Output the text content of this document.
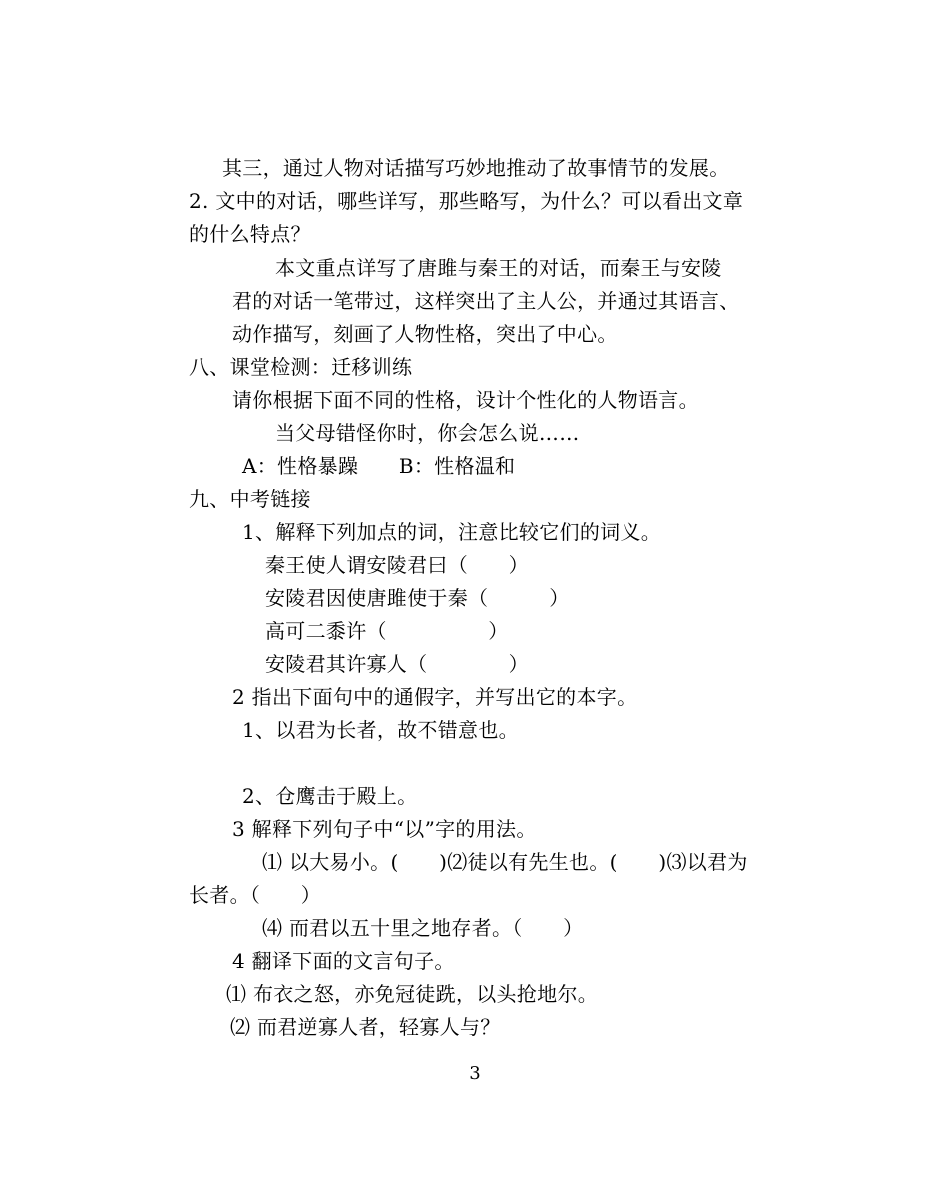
其三，通过人物对话描写巧妙地推动了故事情节的发展。
2. 文中的对话，哪些详写，那些略写，为什么？可以看出文章
的什么特点？
本文重点详写了唐雎与秦王的对话，而秦王与安陵
君的对话一笔带过，这样突出了主人公，并通过其语言、
动作描写，刻画了人物性格，突出了中心。
八、课堂检测：迁移训练
请你根据下面不同的性格，设计个性化的人物语言。
当父母错怪你时，你会怎么说……
A：性格暴躁　　B：性格温和
九、中考链接
1、解释下列加点的词，注意比较它们的词义。
秦王使人谓安陵君曰（　　）
安陵君因使唐雎使于秦（　　　）
高可二黍许（　　　　　）
安陵君其许寡人（　　　　）
2 指出下面句中的通假字，并写出它的本字。
1、以君为长者，故不错意也。
2、仓鹰击于殿上。
3 解释下列句子中“以”字的用法。
⑴ 以大易小。(　　)⑵徒以有先生也。(　　)⑶以君为
长者。（　　）
⑷ 而君以五十里之地存者。（　　）
4 翻译下面的文言句子。
⑴ 布衣之怒，亦免冠徒跣，以头抢地尔。
⑵ 而君逆寡人者，轻寡人与？
3
